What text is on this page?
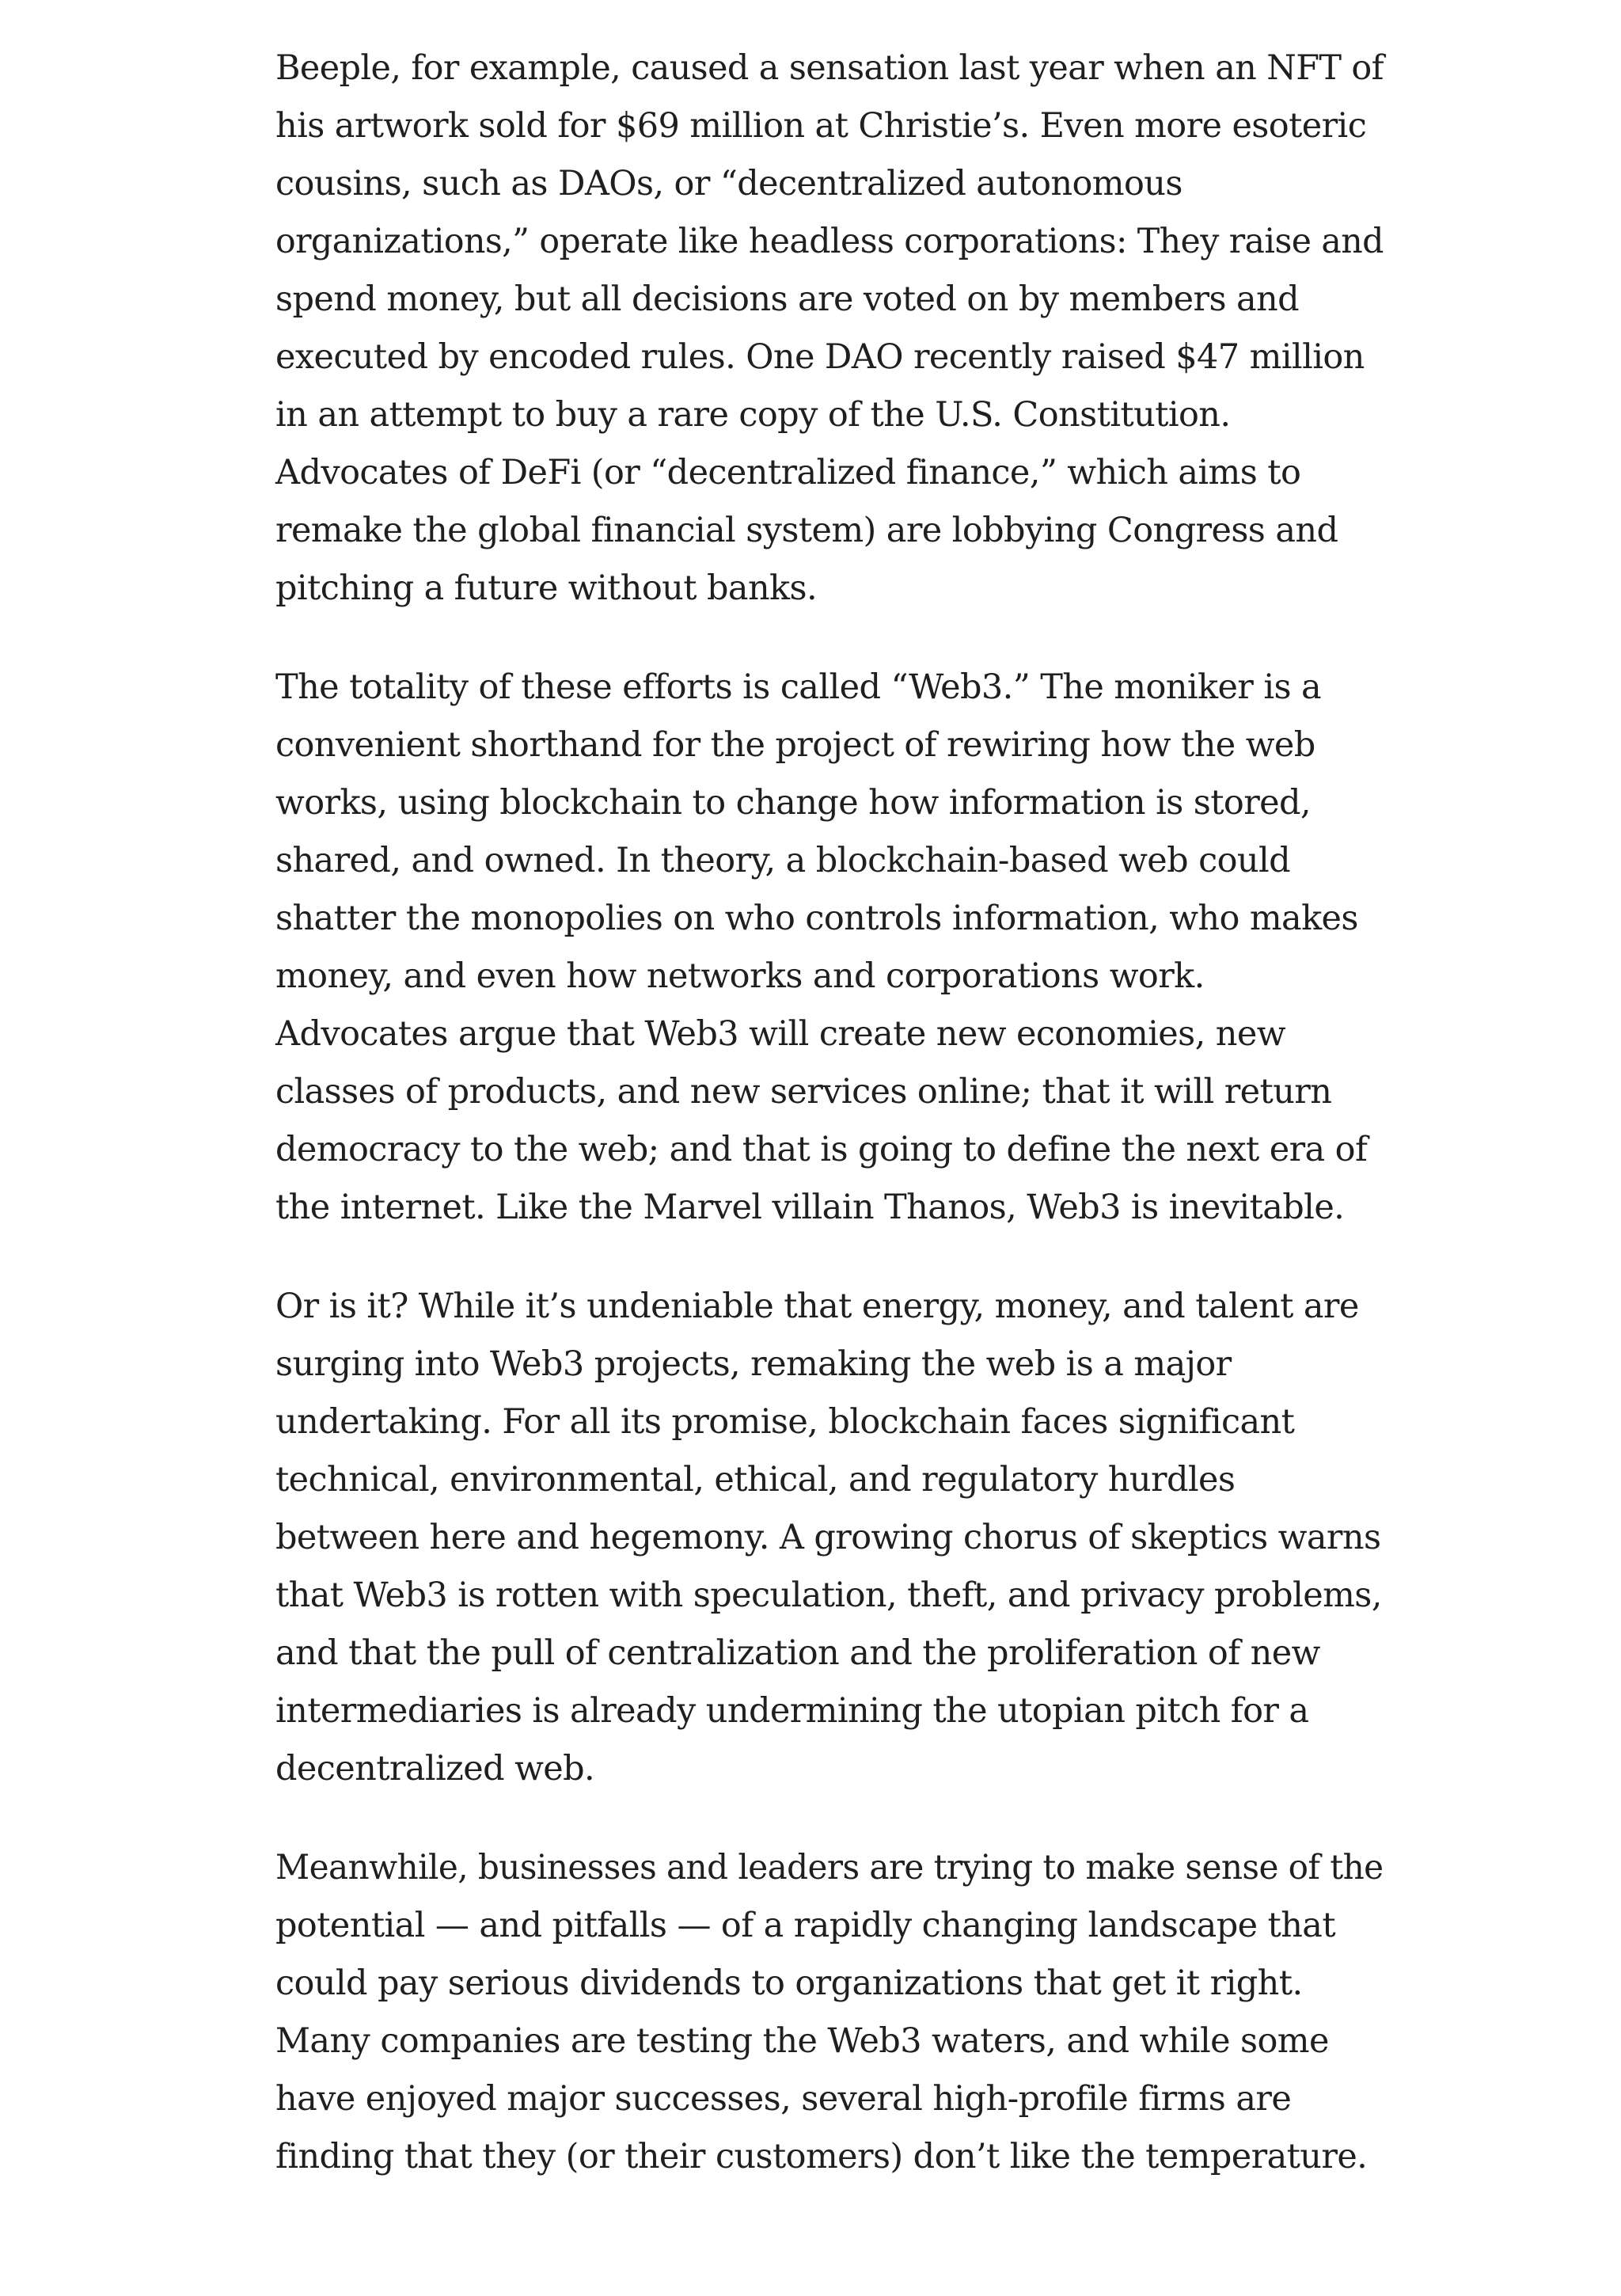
Beeple, for example, caused a sensation last year when an NFT of
his artwork sold for $69 million at Christie’s. Even more esoteric
cousins, such as DAOs, or “decentralized autonomous
organizations,” operate like headless corporations: They raise and
spend money, but all decisions are voted on by members and
executed by encoded rules. One DAO recently raised $47 million
in an attempt to buy a rare copy of the U.S. Constitution.
Advocates of DeFi (or “decentralized finance,” which aims to
remake the global financial system) are lobbying Congress and
pitching a future without banks.

The totality of these efforts is called “Web3.” The moniker is a
convenient shorthand for the project of rewiring how the web
works, using blockchain to change how information is stored,
shared, and owned. In theory, a blockchain-based web could
shatter the monopolies on who controls information, who makes
money, and even how networks and corporations work.
Advocates argue that Web3 will create new economies, new
classes of products, and new services online; that it will return
democracy to the web; and that is going to define the next era of
the internet. Like the Marvel villain Thanos, Web3 is inevitable.

Or is it? While it’s undeniable that energy, money, and talent are
surging into Web3 projects, remaking the web is a major
undertaking. For all its promise, blockchain faces significant
technical, environmental, ethical, and regulatory hurdles
between here and hegemony. A growing chorus of skeptics warns
that Web3 is rotten with speculation, theft, and privacy problems,
and that the pull of centralization and the proliferation of new
intermediaries is already undermining the utopian pitch for a
decentralized web.

Meanwhile, businesses and leaders are trying to make sense of the
potential — and pitfalls — of a rapidly changing landscape that
could pay serious dividends to organizations that get it right.
Many companies are testing the Web3 waters, and while some
have enjoyed major successes, several high-profile firms are
finding that they (or their customers) don’t like the temperature.
